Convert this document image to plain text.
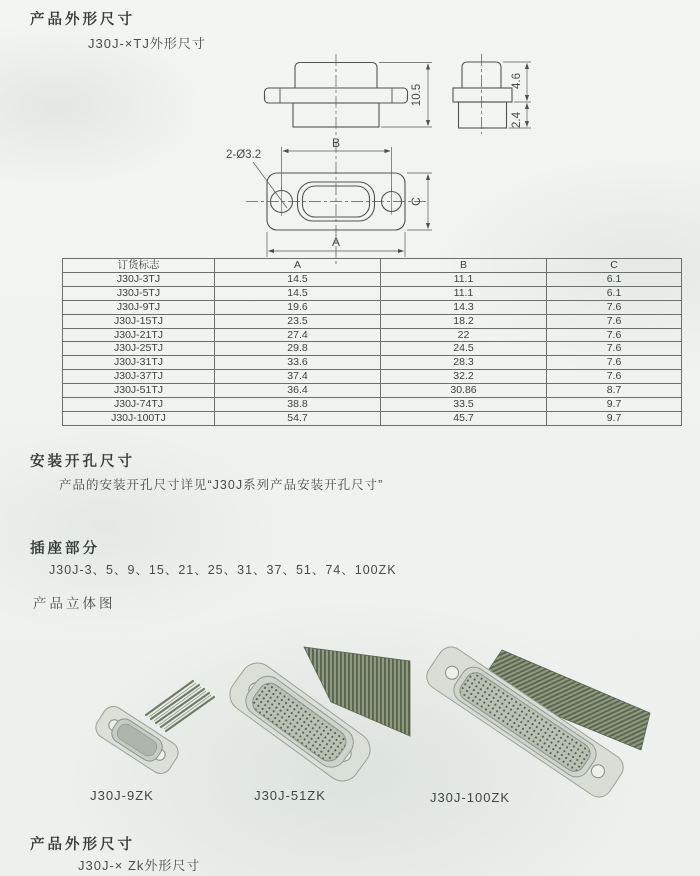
产品外形尺寸
J30J-×TJ外形尺寸
10.5
4.6
2.4
2-Ø3.2
B
A
C
订货标志	A	B	C
J30J-3TJ	14.5	11.1	6.1
J30J-5TJ	14.5	11.1	6.1
J30J-9TJ	19.6	14.3	7.6
J30J-15TJ	23.5	18.2	7.6
J30J-21TJ	27.4	22	7.6
J30J-25TJ	29.8	24.5	7.6
J30J-31TJ	33.6	28.3	7.6
J30J-37TJ	37.4	32.2	7.6
J30J-51TJ	36.4	30.86	8.7
J30J-74TJ	38.8	33.5	9.7
J30J-100TJ	54.7	45.7	9.7
安装开孔尺寸
产品的安装开孔尺寸详见“J30J系列产品安装开孔尺寸”
插座部分
J30J-3、5、9、15、21、25、31、37、51、74、100ZK
产品立体图
J30J-9ZK	J30J-51ZK	J30J-100ZK
产品外形尺寸
J30J-× Zk外形尺寸
